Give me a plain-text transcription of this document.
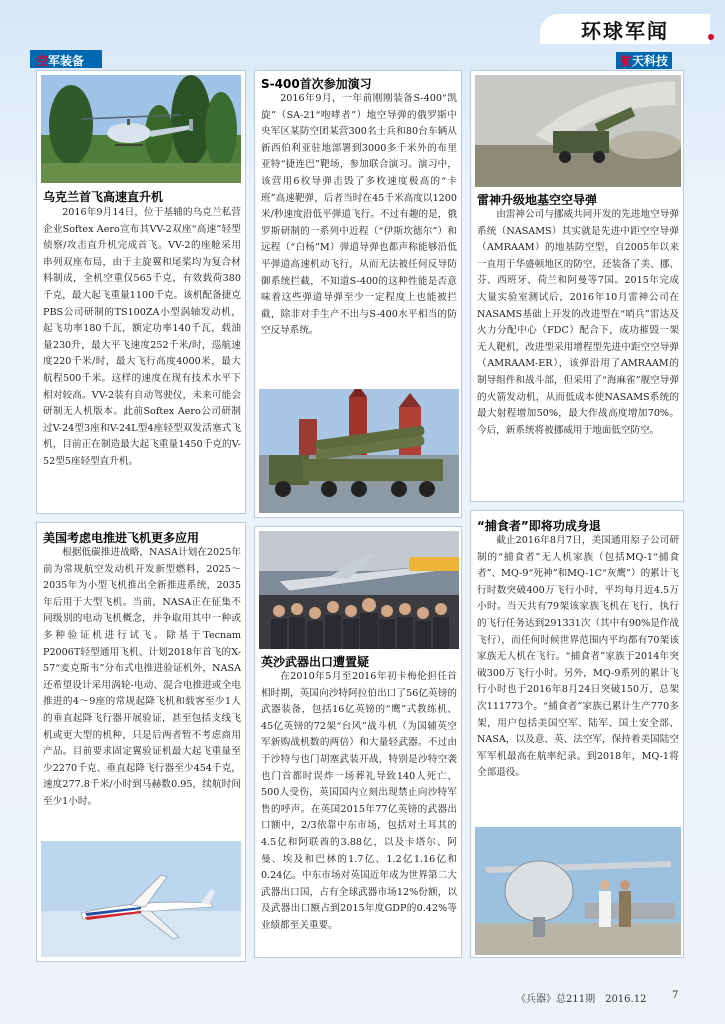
空军装备
环球军闻
航天科技
乌克兰首飞高速直升机
2016年9月14日，位于基辅的乌克兰私营企业Softex Aero宣布其VV-2双座“高速”轻型侦察/攻击直升机完成首飞。VV-2的座舱采用串列双座布局，由于主旋翼和尾桨均为复合材料制成，全机空重仅565千克，有效载荷380千克，最大起飞重量1100千克。该机配备捷克PBS公司研制的TS100ZA小型涡轴发动机，起飞功率180千瓦，额定功率140千瓦，载油量230升，最大平飞速度252千米/时，巡航速度220千米/时，最大飞行高度4000米，最大航程500千米。这样的速度在现有技术水平下相对较高。VV-2装有自动驾驶仪，未来可能会研制无人机版本。此前Softex Aero公司研制过V-24型3座和V-24L型4座轻型双发活塞式飞机，目前正在制造最大起飞重量1450千克的V-52型5座轻型直升机。
美国考虑电推进飞机更多应用
根据低碳推进战略，NASA计划在2025年前为常规航空发动机开发新型燃料，2025～2035年为小型飞机推出全新推进系统，2035年后用于大型飞机。当前，NASA正在征集不同级别的电动飞机概念，并争取用其中一种或多种验证机进行试飞。除基于Tecnam P2006T轻型通用飞机、计划2018年首飞的X-57“麦克斯韦”分布式电推进验证机外，NASA还希望设计采用涡轮-电动、混合电推进或全电推进的4～9座的常规起降飞机和载客至少1人的垂直起降飞行器开展验证，甚至包括支线飞机或更大型的机种，只是后两者暂不考虑商用产品。目前要求固定翼验证机最大起飞重量至少2270千克、垂直起降飞行器至少454千克，速度277.8千米/小时到马赫数0.95，续航时间至少1小时。
S-400首次参加演习
2016年9月，一年前刚刚装备S-400“凯旋”（SA-21“咆哮者”）地空导弹的俄罗斯中央军区某防空团某营300名士兵和80台车辆从新西伯利亚驻地部署到3000多千米外的布里亚特“捷连巴”靶场，参加联合演习。演习中，该营用6枚导弹击毁了多枚速度极高的“卡班”高速靶弹，后者当时在45千米高度以1200米/秒速度沿低平弹道飞行。不过有趣的是，俄罗斯研制的一系列中近程（“伊斯坎德尔”）和远程（“白杨”M）弹道导弹也都声称能够沿低平弹道高速机动飞行，从而无法被任何反导防御系统拦截，不知道S-400的这种性能是否意味着这些弹道导弹至少一定程度上也能被拦截，除非对手生产不出与S-400水平相当的防空反导系统。
英沙武器出口遭置疑
在2010年5月至2016年初卡梅伦担任首相时期，英国向沙特阿拉伯出口了56亿英镑的武器装备，包括16亿英镑的“鹰”式教练机、45亿英镑的72架“台风”战斗机（为国辅英空军新购战机数的两倍）和大量轻武器。不过由于沙特与也门胡塞武装开战，特别是沙特空袭也门首都时误炸一场葬礼导致140人死亡、500人受伤，英国国内立刻出现禁止向沙特军售的呼声。在英国2015年77亿英镑的武器出口额中，2/3依靠中东市场，包括对土耳其的4.5亿和阿联酋的3.88亿，以及卡塔尔、阿曼、埃及和巴林的1.7亿、1.2亿1.16亿和0.24亿。中东市场对英国近年成为世界第二大武器出口国，占有全球武器市场12%份额，以及武器出口额占到2015年度GDP的0.42%等业绩都至关重要。
雷神升级地基空空导弹
由雷神公司与挪威共同开发的先进地空导弹系统（NASAMS）其实就是先进中距空空导弹（AMRAAM）的地基防空型，自2005年以来一直用于华盛顿地区的防空，还装备了美、挪、芬、西班牙、荷兰和阿曼等7国。2015年完成大量实验室测试后，2016年10月雷神公司在NASAMS基础上开发的改进型在“哨兵”雷达及火力分配中心（FDC）配合下，成功摧毁一架无人靶机，改进型采用增程型先进中距空空导弹（AMRAAM-ER），该弹沿用了AMRAAM的制导组件和战斗部，但采用了“海麻雀”舰空导弹的火箭发动机，从而低成本使NASAMS系统的最大射程增加50%，最大作战高度增加70%。今后，新系统将被挪威用于地面低空防空。
“捕食者”即将功成身退
截止2016年8月7日，美国通用原子公司研制的“捕食者”无人机家族（包括MQ-1“捕食者”、MQ-9“死神”和MQ-1C“灰鹰”）的累计飞行时数突破400万飞行小时，平均每月近4.5万小时。当天共有79架该家族飞机在飞行，执行的飞行任务达到291331次（其中有90%是作战飞行），而任何时候世界范围内平均都有70架该家族无人机在飞行。“捕食者”家族于2014年突破300万飞行小时。另外，MQ-9系列的累计飞行小时也于2016年8月24日突破150万，总架次111773个。“捕食者”家族已累计生产770多架，用户包括美国空军、陆军、国土安全部、NASA，以及意、英、法空军，保持着美国陆空军军机最高在航率纪录。到2018年，MQ-1将全部退役。
《兵器》总211期　2016.12	7
